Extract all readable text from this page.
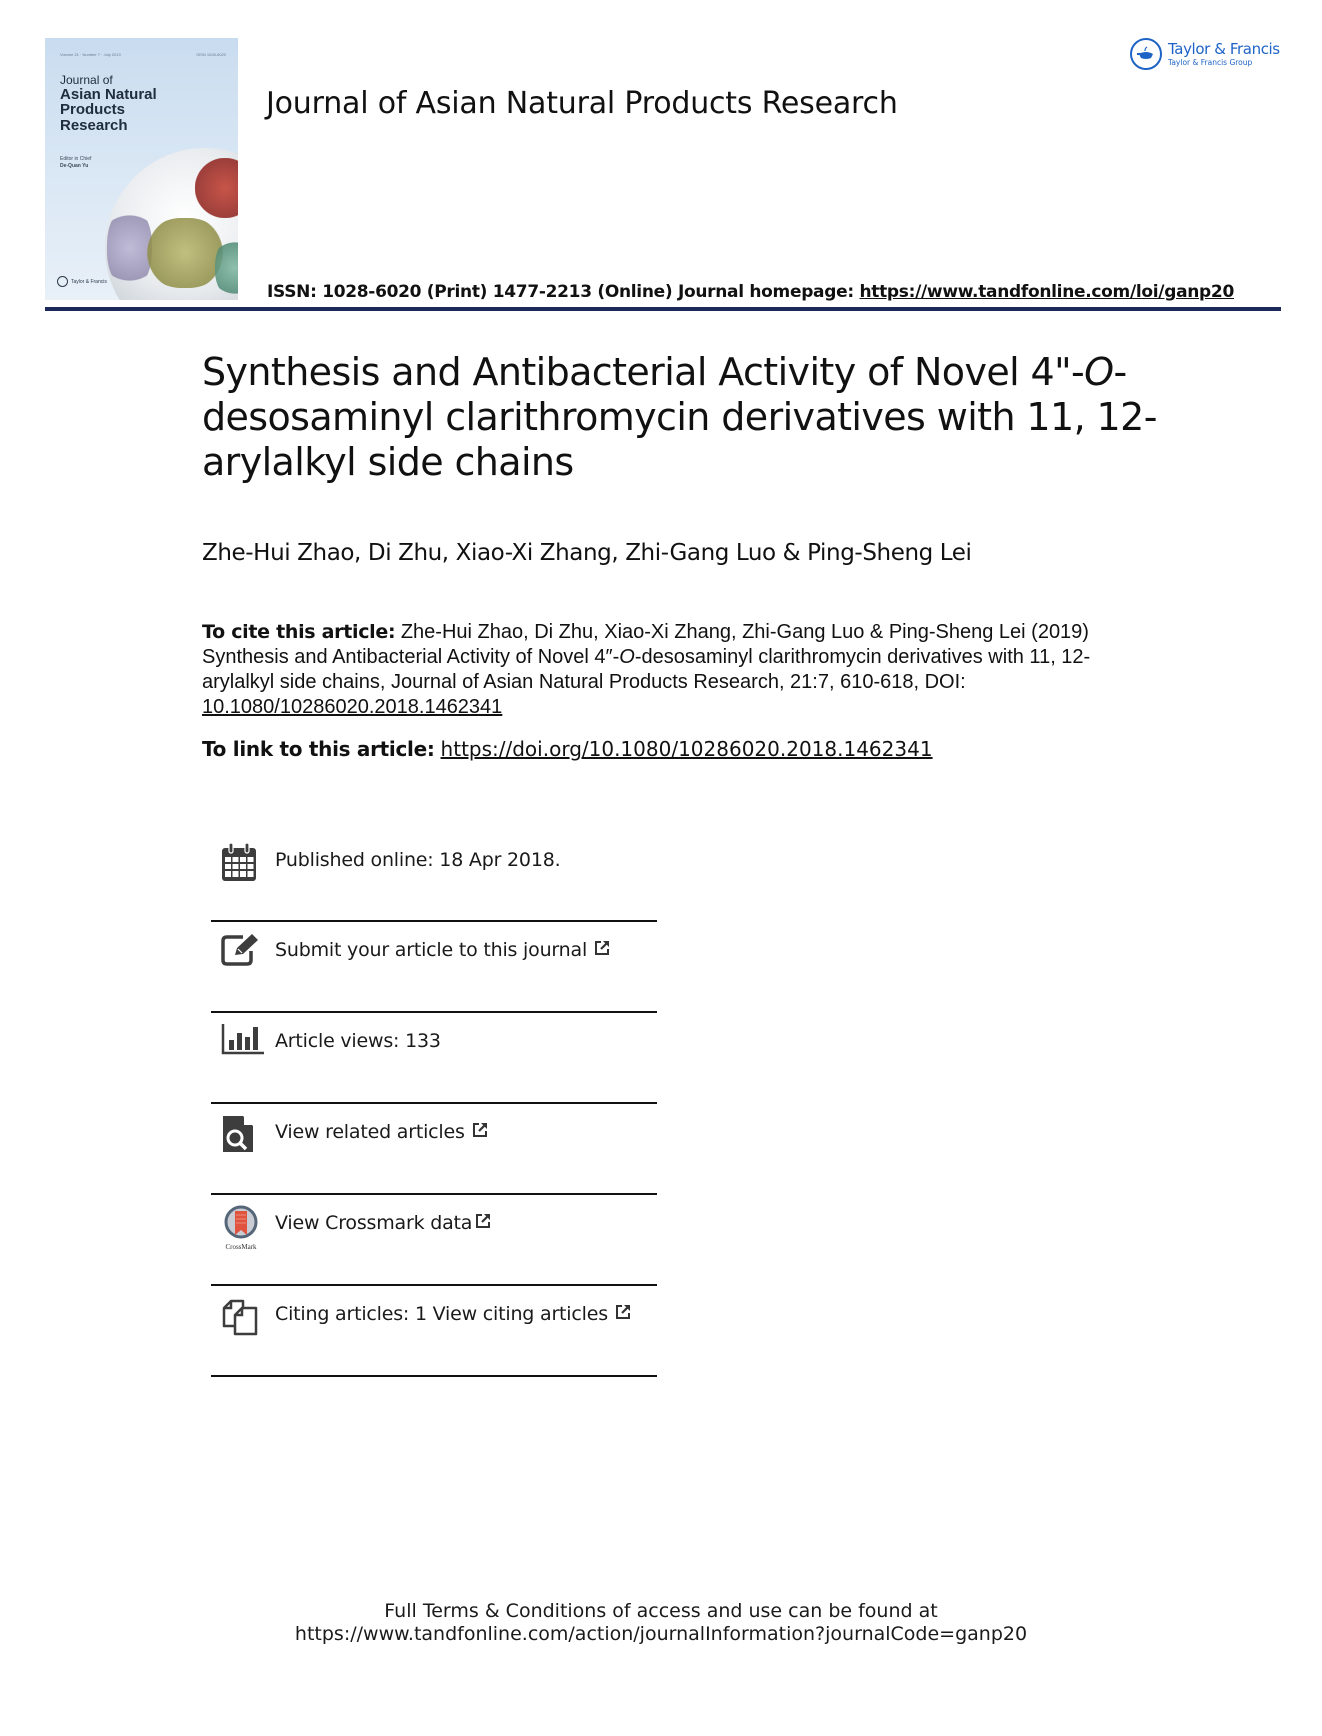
Volume 21 · Number 7 · July 2019	ISSN 1028-6020
Journal of
Asian Natural
Products
Research
Editor in Chief
De-Quan Yu
Taylor & Francis
Journal of Asian Natural Products Research
ISSN: 1028-6020 (Print) 1477-2213 (Online) Journal homepage: https://www.tandfonline.com/loi/ganp20
Taylor & Francis
Taylor & Francis Group
Synthesis and Antibacterial Activity of Novel 4"-O-desosaminyl clarithromycin derivatives with 11, 12-arylalkyl side chains
Zhe-Hui Zhao, Di Zhu, Xiao-Xi Zhang, Zhi-Gang Luo & Ping-Sheng Lei
To cite this article: Zhe-Hui Zhao, Di Zhu, Xiao-Xi Zhang, Zhi-Gang Luo & Ping-Sheng Lei (2019) Synthesis and Antibacterial Activity of Novel 4″-O-desosaminyl clarithromycin derivatives with 11, 12-arylalkyl side chains, Journal of Asian Natural Products Research, 21:7, 610-618, DOI:
10.1080/10286020.2018.1462341
To link to this article: https://doi.org/10.1080/10286020.2018.1462341
Published online: 18 Apr 2018.
Submit your article to this journal
Article views: 133
View related articles
CrossMark
View Crossmark data
Citing articles: 1 View citing articles
Full Terms & Conditions of access and use can be found at
https://www.tandfonline.com/action/journalInformation?journalCode=ganp20
